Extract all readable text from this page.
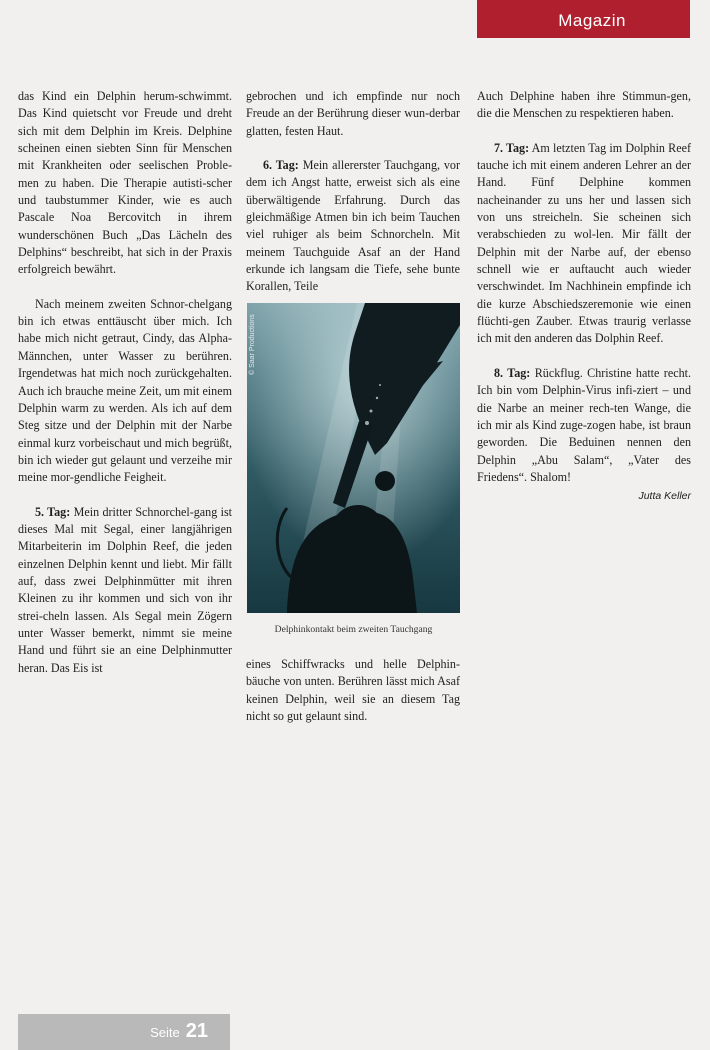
Magazin

das Kind ein Delphin herum-schwimmt. Das Kind quietscht vor Freude und dreht sich mit dem Delphin im Kreis. Delphine scheinen einen siebten Sinn für Menschen mit Krankheiten oder seelischen Proble-men zu haben. Die Therapie autisti-scher und taubstummer Kinder, wie es auch Pascale Noa Bercovitch in ihrem wunderschönen Buch „Das Lächeln des Delphins“ beschreibt, hat sich in der Praxis erfolgreich bewährt.

Nach meinem zweiten Schnor-chelgang bin ich etwas enttäuscht über mich. Ich habe mich nicht getraut, Cindy, das Alpha-Männchen, unter Wasser zu berühren. Irgendetwas hat mich noch zurückgehalten. Auch ich brauche meine Zeit, um mit einem Delphin warm zu werden. Als ich auf dem Steg sitze und der Delphin mit der Narbe einmal kurz vorbeischaut und mich begrüßt, bin ich wieder gut gelaunt und verzeihe mir meine mor-gendliche Feigheit.

5. Tag: Mein dritter Schnorchel-gang ist dieses Mal mit Segal, einer langjährigen Mitarbeiterin im Dolphin Reef, die jeden einzelnen Delphin kennt und liebt. Mir fällt auf, dass zwei Delphinmütter mit ihren Kleinen zu ihr kommen und sich von ihr strei-cheln lassen. Als Segal mein Zögern unter Wasser bemerkt, nimmt sie meine Hand und führt sie an eine Delphinmutter heran. Das Eis ist

gebrochen und ich empfinde nur noch Freude an der Berührung dieser wun-derbar glatten, festen Haut.

6. Tag: Mein allererster Tauchgang, vor dem ich Angst hatte, erweist sich als eine überwältigende Erfahrung. Durch das gleichmäßige Atmen bin ich beim Tauchen viel ruhiger als beim Schnorcheln. Mit meinem Tauchguide Asaf an der Hand erkunde ich langsam die Tiefe, sehe bunte Korallen, Teile

© Saar Productions
Delphinkontakt beim zweiten Tauchgang

eines Schiffwracks und helle Delphin-bäuche von unten. Berühren lässt mich Asaf keinen Delphin, weil sie an diesem Tag nicht so gut gelaunt sind.

Auch Delphine haben ihre Stimmun-gen, die die Menschen zu respektieren haben.

7. Tag: Am letzten Tag im Dolphin Reef tauche ich mit einem anderen Lehrer an der Hand. Fünf Delphine kommen nacheinander zu uns her und lassen sich von uns streicheln. Sie scheinen sich verabschieden zu wol-len. Mir fällt der Delphin mit der Narbe auf, der ebenso schnell wie er auftaucht auch wieder verschwindet. Im Nachhinein empfinde ich die kurze Abschiedszeremonie wie einen flüchti-gen Zauber. Etwas traurig verlasse ich mit den anderen das Dolphin Reef.

8. Tag: Rückflug. Christine hatte recht. Ich bin vom Delphin-Virus infi-ziert – und die Narbe an meiner rech-ten Wange, die ich mir als Kind zuge-zogen habe, ist braun geworden. Die Beduinen nennen den Delphin „Abu Salam“, „Vater des Friedens“. Shalom!

Jutta Keller

Seite 21
